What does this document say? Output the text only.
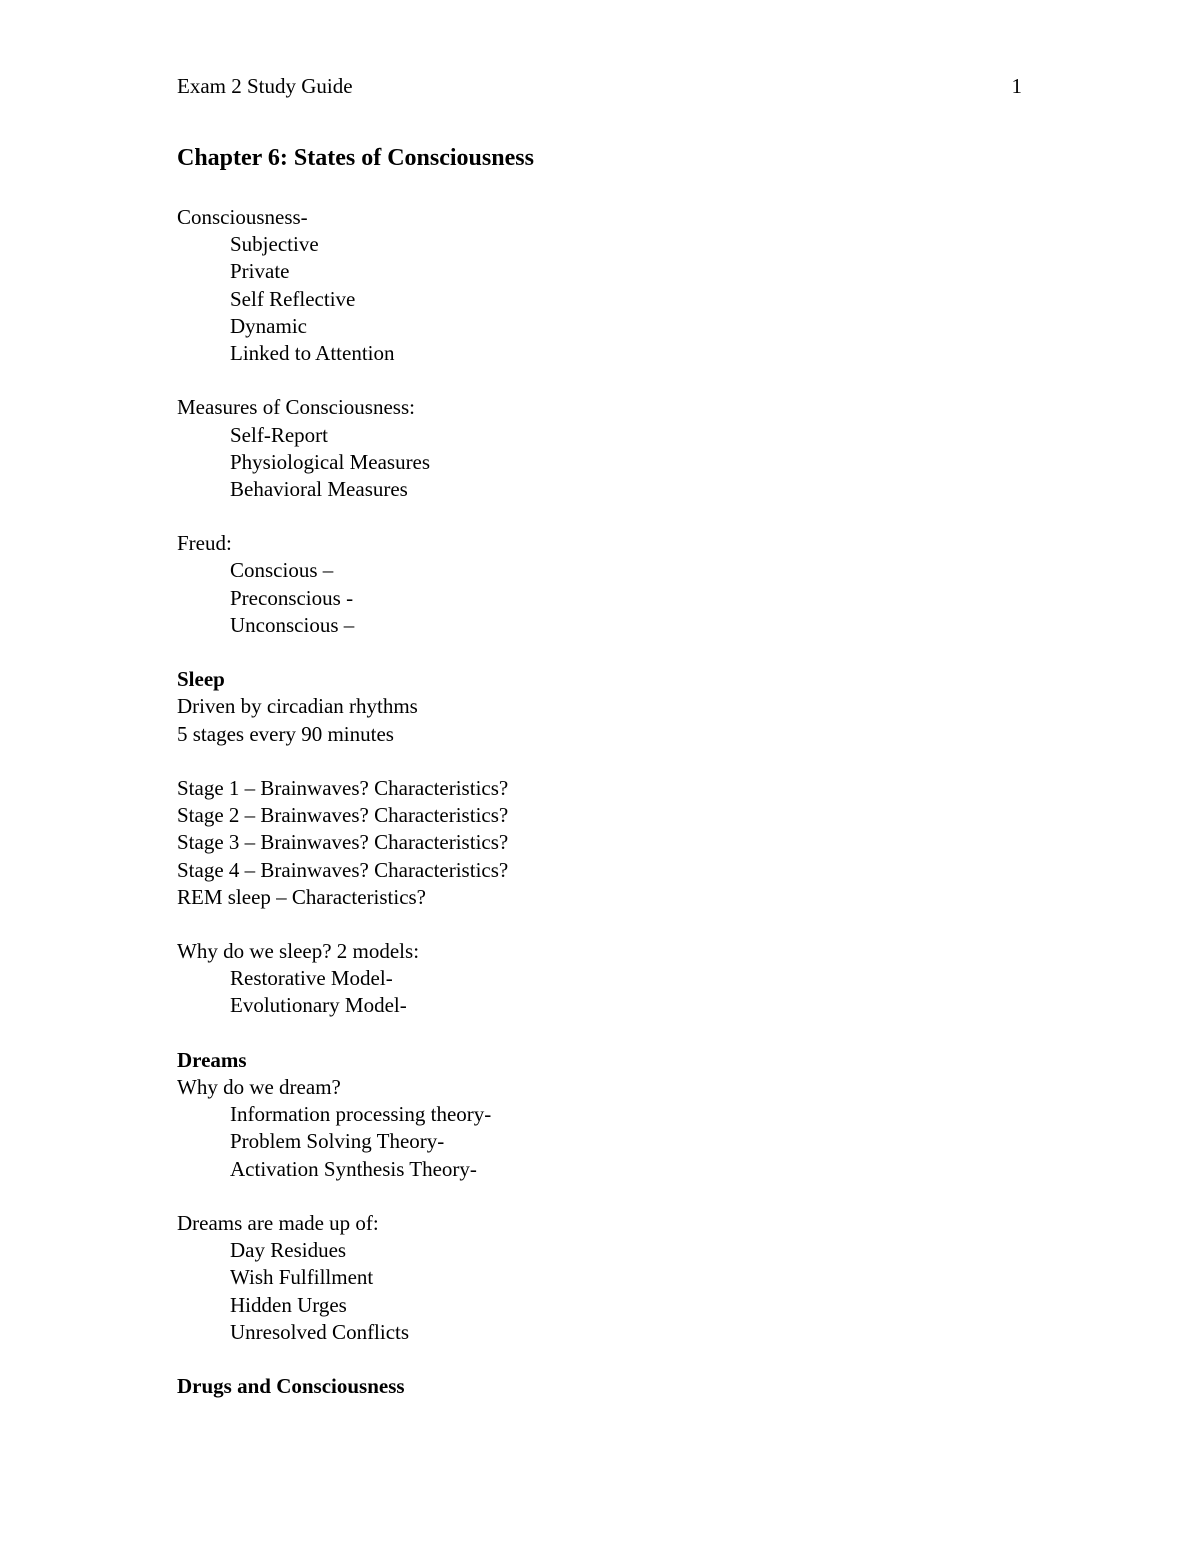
Exam 2 Study Guide	1
Chapter 6: States of Consciousness
Consciousness-
Subjective
Private
Self Reflective
Dynamic
Linked to Attention
Measures of Consciousness:
Self-Report
Physiological Measures
Behavioral Measures
Freud:
Conscious –
Preconscious -
Unconscious –
Sleep
Driven by circadian rhythms
5 stages every 90 minutes
Stage 1 – Brainwaves? Characteristics?
Stage 2 – Brainwaves? Characteristics?
Stage 3 – Brainwaves? Characteristics?
Stage 4 – Brainwaves? Characteristics?
REM sleep – Characteristics?
Why do we sleep? 2 models:
Restorative Model-
Evolutionary Model-
Dreams
Why do we dream?
Information processing theory-
Problem Solving Theory-
Activation Synthesis Theory-
Dreams are made up of:
Day Residues
Wish Fulfillment
Hidden Urges
Unresolved Conflicts
Drugs and Consciousness
